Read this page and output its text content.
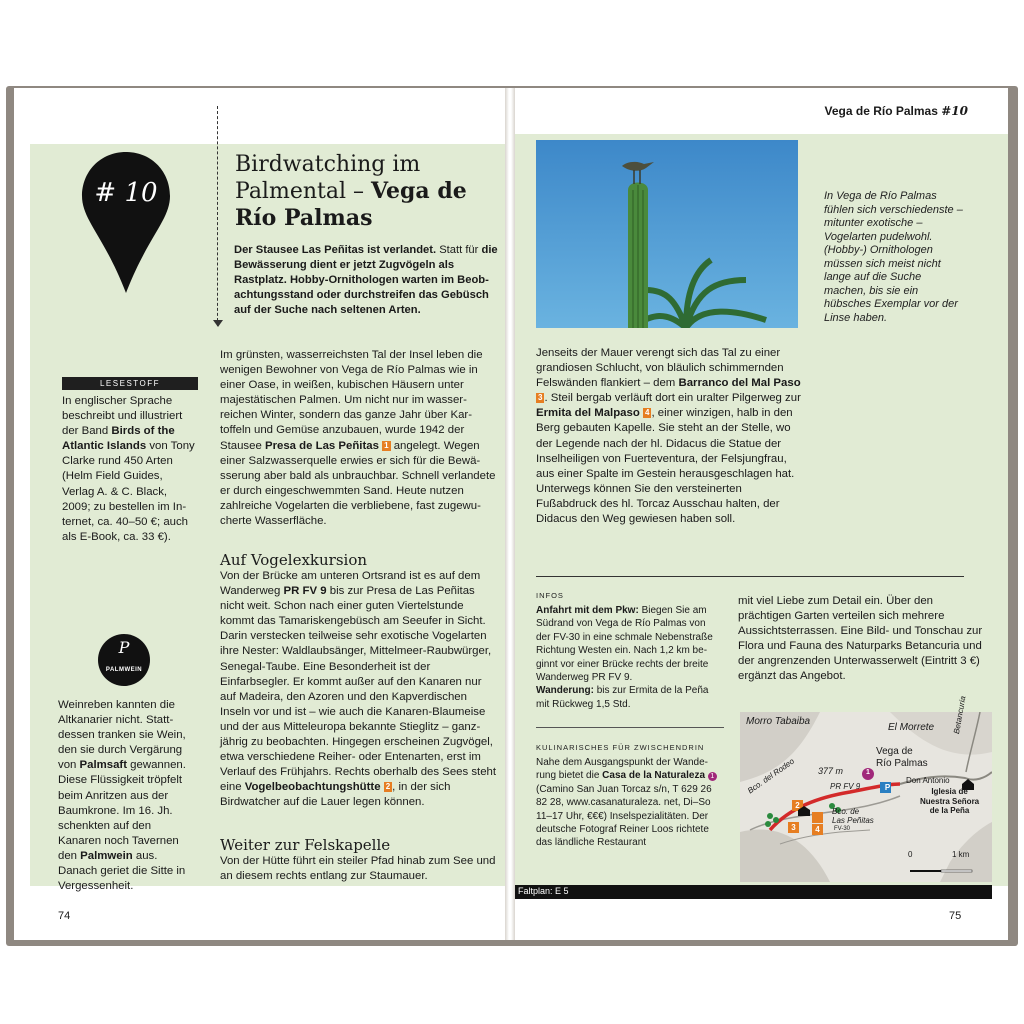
# 10
Birdwatching im
Palmental – Vega de
Río Palmas
Der Stausee Las Peñitas ist verlandet. Statt für die Bewässerung dient er jetzt Zugvögeln als Rastplatz. Hobby-Ornithologen warten im Beobachtungsstand oder durchstreifen das Gebüsch auf der Suche nach seltenen Arten.
Im grünsten, wasserreichsten Tal der Insel leben die wenigen Bewohner von Vega de Río Palmas wie in einer Oase, in weißen, kubischen Häusern unter majestätischen Palmen. Um nicht nur im wasserreichen Winter, sondern das ganze Jahr über Kartoffeln und Gemüse anzubauen, wurde 1942 der Stausee Presa de Las Peñitas 1 angelegt. Wegen einer Salzwasserquelle erwies er sich für die Bewässerung aber bald als unbrauchbar. Schnell verlandete er durch eingeschwemmten Sand. Heute nutzen zahlreiche Vogelarten die verbliebene, fast zugewucherte Wasserfläche.
Auf Vogelexkursion
Von der Brücke am unteren Ortsrand ist es auf dem Wanderweg PR FV 9 bis zur Presa de Las Peñitas nicht weit. Schon nach einer guten Viertelstunde kommt das Tamariskengebüsch am Seeufer in Sicht. Darin verstecken teilweise sehr exotische Vogelarten ihre Nester: Waldlaubsänger, Mittelmeer-Raubwürger, Senegal-Taube. Eine Besonderheit ist der Einfarbsegler. Er kommt außer auf den Kanaren nur auf Madeira, den Azoren und den Kapverdischen Inseln vor und ist – wie auch die Kanaren-Blaumeise und der aus Mitteleuropa bekannte Stieglitz – ganzjährig zu beobachten. Hingegen erscheinen Zugvögel, etwa verschiedene Reiher- oder Entenarten, erst im Verlauf des Frühjahrs. Rechts oberhalb des Sees steht eine Vogelbeobachtungshütte 2 , in der sich Birdwatcher auf die Lauer legen können.
Weiter zur Felskapelle
Von der Hütte führt ein steiler Pfad hinab zum See und an diesem rechts entlang zur Staumauer.
LESESTOFF
In englischer Sprache beschreibt und illustriert der Band Birds of the Atlantic Islands von Tony Clarke rund 450 Arten (Helm Field Guides, Verlag A. & C. Black, 2009; zu bestellen im Internet, ca. 40–50 €; auch als E-Book, ca. 33 €).
P
PALMWEIN
Weinreben kannten die Altkanarier nicht. Stattdessen tranken sie Wein, den sie durch Vergärung von Palmsaft gewannen. Diese Flüssigkeit tröpfelt beim Anritzen aus der Baumkrone. Im 16. Jh. schenkten auf den Kanaren noch Tavernen den Palmwein aus. Danach geriet die Sitte in Vergessenheit.
74
Vega de Río Palmas #10
In Vega de Río Palmas fühlen sich verschiedenste – mitunter exotische – Vogelarten pudelwohl. (Hobby-) Ornithologen müssen sich meist nicht lange auf die Suche machen, bis sie ein hübsches Exemplar vor der Linse haben.
Jenseits der Mauer verengt sich das Tal zu einer grandiosen Schlucht, von bläulich schimmernden Felswänden flankiert – dem Barranco del Mal Paso 3 . Steil bergab verläuft dort ein uralter Pilgerweg zur Ermita del Malpaso 4 , einer winzigen, halb in den Berg gebauten Kapelle. Sie steht an der Stelle, wo der Legende nach der hl. Didacus die Statue der Inselheiligen von Fuerteventura, der Felsjungfrau, aus einer Spalte im Gestein herausgeschlagen hat. Unterwegs können Sie den versteinerten Fußabdruck des hl. Torcaz Ausschau halten, der Didacus den Weg gewiesen haben soll.
INFOS
Anfahrt mit dem Pkw: Biegen Sie am Südrand von Vega de Río Palmas von der FV-30 in eine schmale Nebenstraße Richtung Westen ein. Nach 1,2 km beginnt vor einer Brücke rechts der breite Wanderweg PR FV 9.
Wanderung: bis zur Ermita de la Peña mit Rückweg 1,5 Std.
KULINARISCHES FÜR ZWISCHENDRIN
Nahe dem Ausgangspunkt der Wanderung bietet die Casa de la Naturaleza 1 (Camino San Juan Torcaz s/n, T 629 26 82 28, www.casanaturaleza. net, Di–So 11–17 Uhr, €€€) Inselspezialitäten. Der deutsche Fotograf Reiner Loos richtete das ländliche Restaurant
mit viel Liebe zum Detail ein. Über den prächtigen Garten verteilen sich mehrere Aussichtsterrassen. Eine Bild- und Tonschau zur Flora und Fauna des Naturparks Betancuria und der angrenzenden Unterwasserwelt (Eintritt 3 €) ergänzt das Angebot.
Morro Tabaiba
El Morrete Betancuria
Vega de
Río Palmas
377 m
Bco. del Rodeo	PR FV 9
Bco. de
Las Peñitas
Don Antonio
Iglesia de
Nuestra Señora
de la Peña
FV-30
0	1 km
P
1
2
3	4
Faltplan: E 5
75
